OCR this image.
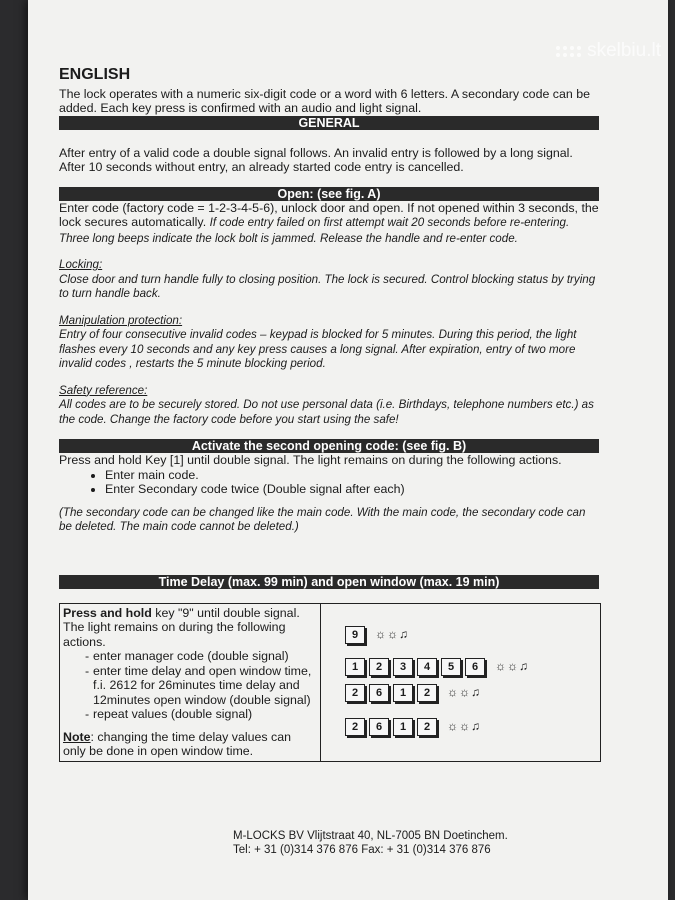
ENGLISH

The lock operates with a numeric six-digit code or a word with 6 letters. A secondary code can be added. Each key press is confirmed with an audio and light signal.

GENERAL

After entry of a valid code a double signal follows. An invalid entry is followed by a long signal. After 10 seconds without entry, an already started code entry is cancelled.

Open: (see fig. A)

Enter code (factory code = 1-2-3-4-5-6), unlock door and open. If not opened within 3 seconds, the lock secures automatically. If code entry failed on first attempt wait 20 seconds before re-entering. Three long beeps indicate the lock bolt is jammed. Release the handle and re-enter code.

Locking:

Close door and turn handle fully to closing position. The lock is secured. Control blocking status by trying to turn handle back.

Manipulation protection:

Entry of four consecutive invalid codes – keypad is blocked for 5 minutes. During this period, the light flashes every 10 seconds and any key press causes a long signal. After expiration, entry of two more invalid codes , restarts the 5 minute blocking period.

Safety reference:

All codes are to be securely stored. Do not use personal data (i.e. Birthdays, telephone numbers etc.) as the code. Change the factory code before you start using the safe!

Activate the second opening code: (see fig. B)

Press and hold Key [1] until double signal. The light remains on during the following actions.

• Enter main code.
• Enter Secondary code twice (Double signal after each)

(The secondary code can be changed like the main code. With the main code, the secondary code can be deleted. The main code cannot be deleted.)

Time Delay (max. 99 min) and open window (max. 19 min)

Press and hold key "9" until double signal. The light remains on during the following actions.

- enter manager code (double signal)
- enter time delay and open window time, f.i. 2612 for 26minutes time delay and 12minutes open window (double signal)
- repeat values (double signal)

Note: changing the time delay values can only be done in open window time.

9	☼☼♫
1	2	3	4	5	6	☼☼♫
2	6	1	2	☼☼♫
2	6	1	2	☼☼♫
M-LOCKS BV Vlijtstraat 40, NL-7005 BN Doetinchem.
Tel: + 31 (0)314 376 876 Fax: + 31 (0)314 376 876
skelbiu.lt
